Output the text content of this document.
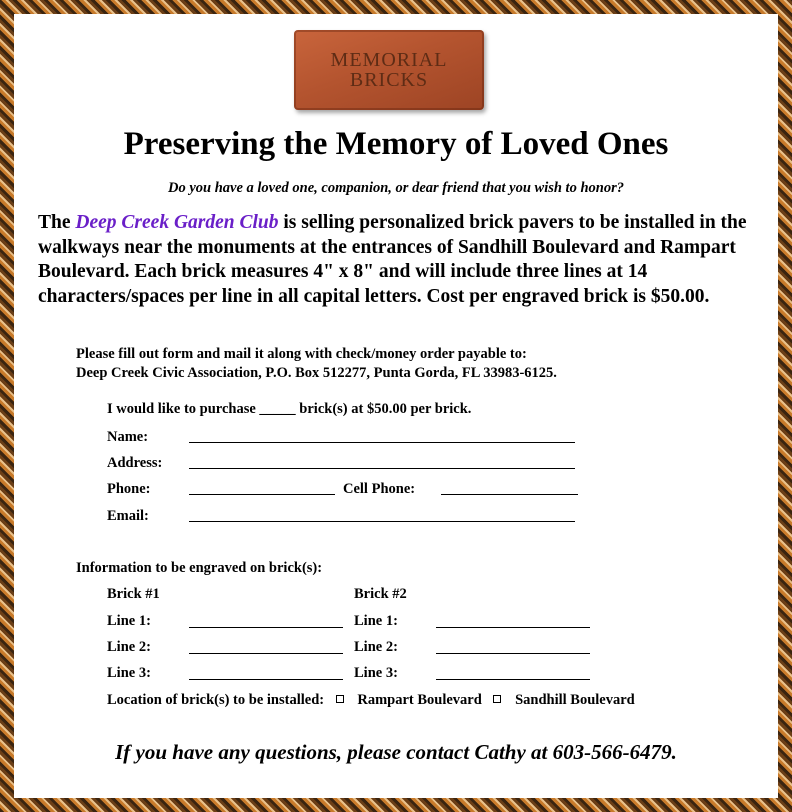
MEMORIAL
BRICKS
Preserving the Memory of Loved Ones
Do you have a loved one, companion, or dear friend that you wish to honor?
The Deep Creek Garden Club is selling personalized brick pavers to be installed in the walkways near the monuments at the entrances of Sandhill Boulevard and Rampart Boulevard. Each brick measures 4" x 8" and will include three lines at 14 characters/spaces per line in all capital letters. Cost per engraved brick is $50.00.
Please fill out form and mail it along with check/money order payable to:
Deep Creek Civic Association, P.O. Box 512277, Punta Gorda, FL 33983-6125.
I would like to purchase _____ brick(s) at $50.00 per brick.
Name:
Address:
Phone:	Cell Phone:
Email:
Information to be engraved on brick(s):
Brick #1	Brick #2
Line 1:	Line 1:
Line 2:	Line 2:
Line 3:	Line 3:
Location of brick(s) to be installed: Rampart Boulevard Sandhill Boulevard
If you have any questions, please contact Cathy at 603-566-6479.
